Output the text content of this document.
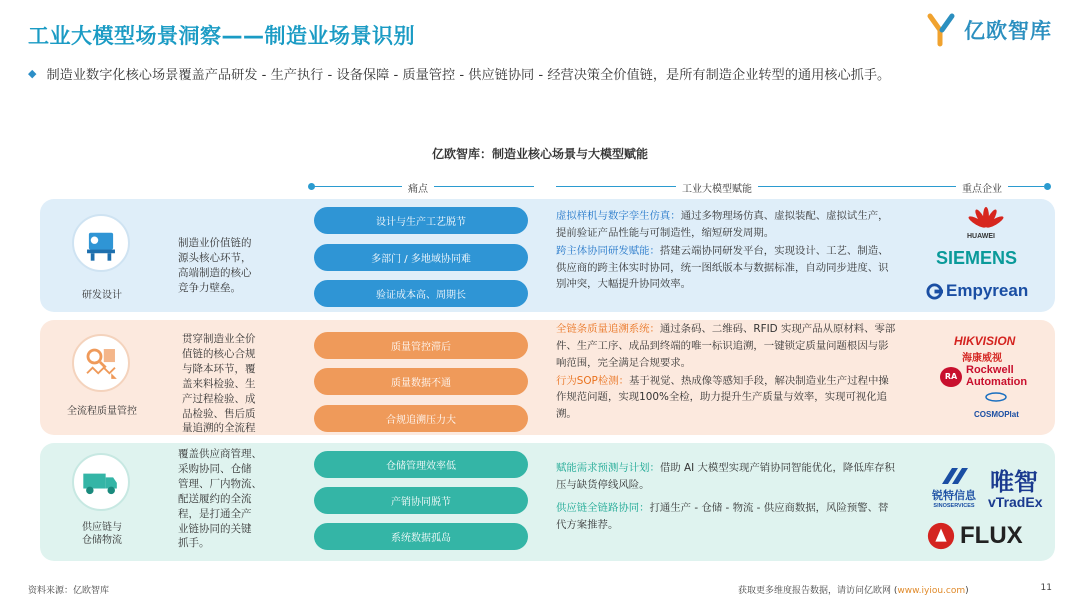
工业大模型场景洞察——制造业场景识别	亿欧智库
◆ 制造业数字化核心场景覆盖产品研发 - 生产执行 - 设备保障 - 质量管控 - 供应链协同 - 经营决策全价值链，是所有制造企业转型的通用核心抓手。
亿欧智库：制造业核心场景与大模型赋能
痛点	工业大模型赋能	重点企业
研发设计
制造业价值链的
源头核心环节，
高端制造的核心
竞争力壁垒。
设计与生产工艺脱节
多部门 / 多地域协同难
验证成本高、周期长

虚拟样机与数字孪生仿真：通过多物理场仿真、虚拟装配、虚拟试生产，提前验证产品性能与可制造性，缩短研发周期。

跨主体协同研发赋能：搭建云端协同研发平台，实现设计、工艺、制造、供应商的跨主体实时协同，统一图纸版本与数据标准，自动同步进度、识别冲突，大幅提升协同效率。

HUAWEI
SIEMENS
Empyrean
全流程质量管控
贯穿制造业全价
值链的核心合规
与降本环节，覆
盖来料检验、生
产过程检验、成
品检验、售后质
量追溯的全流程
质量管控滞后
质量数据不通
合规追溯压力大

全链条质量追溯系统：通过条码、二维码、RFID 实现产品从原材料、零部件、生产工序、成品到终端的唯一标识追溯，一键锁定质量问题根因与影响范围，完全满足合规要求。

行为SOP检测：基于视觉、热成像等感知手段，解决制造业生产过程中操作规范问题，实现100%全检，助力提升生产质量与效率，实现可视化追溯。

HIKVISION
海康威视
RA
Rockwell
Automation
COSMOPlat
供应链与
仓储物流
覆盖供应商管理、
采购协同、仓储
管理、厂内物流、
配送履约的全流
程，是打通全产
业链协同的关键
抓手。
仓储管理效率低
产销协同脱节
系统数据孤岛

赋能需求预测与计划：借助 AI 大模型实现产销协同智能优化，降低库存积压与缺货停线风险。

供应链全链路协同：打通生产 - 仓储 - 物流 - 供应商数据，风险预警、替代方案推荐。

锐特信息
SINOSERVICES
唯智
vTradEx
FLUX
资料来源：亿欧智库	获取更多维度报告数据，请访问亿欧网 (www.iyiou.com)	11
